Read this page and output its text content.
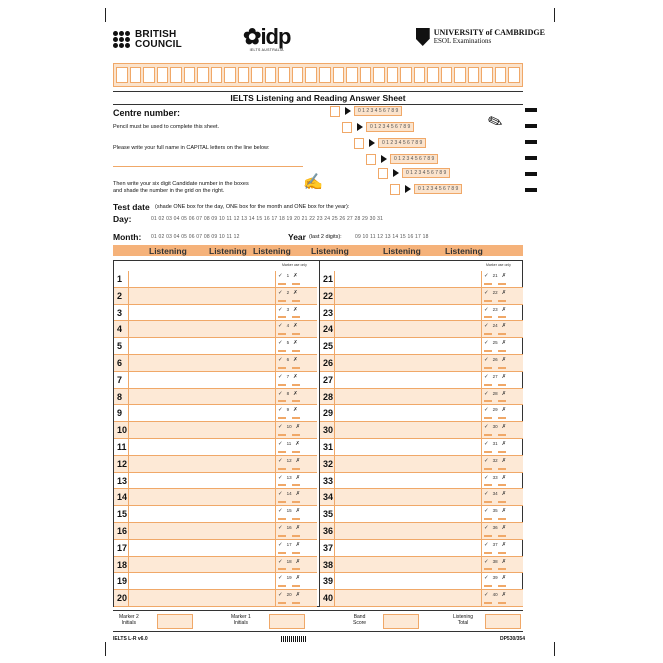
BRITISH
COUNCIL	✿idp
IELTS AUSTRALIA
UNIVERSITY of CAMBRIDGE
ESOL Examinations
IELTS Listening and Reading Answer Sheet
Centre number:
Pencil must be used to complete this sheet.
Please write your full name in CAPITAL letters on the line below:
Then write your six digit Candidate number in the boxes
and shade the number in the grid on the right.	✍
✎
0 1 2 3 4 5 6 7 8 9
0 1 2 3 4 5 6 7 8 9
0 1 2 3 4 5 6 7 8 9
0 1 2 3 4 5 6 7 8 9
0 1 2 3 4 5 6 7 8 9
0 1 2 3 4 5 6 7 8 9
Test date (shade ONE box for the day, ONE box for the month and ONE box for the year):
Day:	01 02 03 04 05 06 07 08 09 10 11 12 13 14 15 16 17 18 19 20 21 22 23 24 25 26 27 28 29 30 31
Month: 01 02 03 04 05 06 07 08 09 10 11 12	Year (last 2 digits):	09 10 11 12 13 14 15 16 17 18
Listening	Listening Listening Listening	Listening	Listening
Marker use only
1	✓ 1 ✗
2	✓ 2 ✗
3	✓ 3 ✗
4	✓ 4 ✗
5	✓ 5 ✗
6	✓ 6 ✗
7	✓ 7 ✗
8	✓ 8 ✗
9	✓ 9 ✗
10	✓ 10 ✗
11	✓ 11 ✗
12	✓ 12 ✗
13	✓ 13 ✗
14	✓ 14 ✗
15	✓ 15 ✗
16	✓ 16 ✗
17	✓ 17 ✗
18	✓ 18 ✗
19	✓ 19 ✗
20	✓ 20 ✗
Marker use only
21	✓ 21 ✗
22	✓ 22 ✗
23	✓ 23 ✗
24	✓ 24 ✗
25	✓ 25 ✗
26	✓ 26 ✗
27	✓ 27 ✗
28	✓ 28 ✗
29	✓ 29 ✗
30	✓ 30 ✗
31	✓ 31 ✗
32	✓ 32 ✗
33	✓ 33 ✗
34	✓ 34 ✗
35	✓ 35 ✗
36	✓ 36 ✗
37	✓ 37 ✗
38	✓ 38 ✗
39	✓ 39 ✗
40	✓ 40 ✗
Marker 2
Initials
Marker 1
Initials
Band
Score
Listening
Total
IELTS L-R v6.0	DP530/354
